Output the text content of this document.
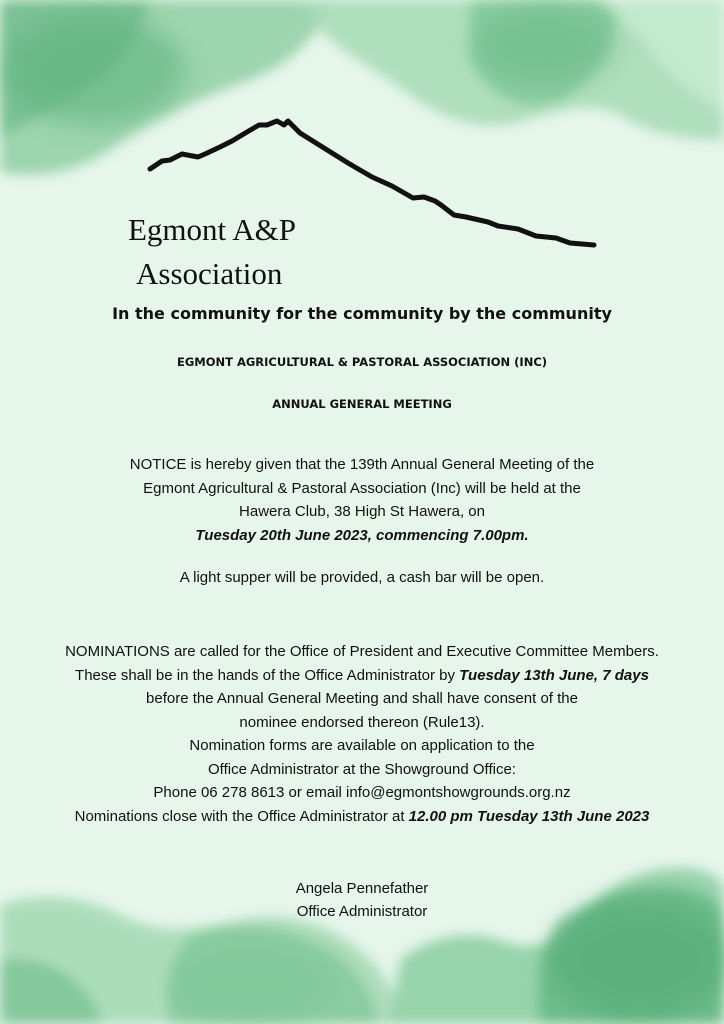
Egmont A&P
Association
In the community for the community by the community
EGMONT AGRICULTURAL & PASTORAL ASSOCIATION (INC)
ANNUAL GENERAL MEETING
NOTICE is hereby given that the 139th Annual General Meeting of the
Egmont Agricultural & Pastoral Association (Inc) will be held at the
Hawera Club, 38 High St Hawera, on
Tuesday 20th June 2023, commencing 7.00pm.
A light supper will be provided, a cash bar will be open.
NOMINATIONS are called for the Office of President and Executive Committee Members.
These shall be in the hands of the Office Administrator by Tuesday 13th June, 7 days
before the Annual General Meeting and shall have consent of the
nominee endorsed thereon (Rule13).
Nomination forms are available on application to the
Office Administrator at the Showground Office:
Phone 06 278 8613 or email info@egmontshowgrounds.org.nz
Nominations close with the Office Administrator at 12.00 pm Tuesday 13th June 2023
Angela Pennefather
Office Administrator
